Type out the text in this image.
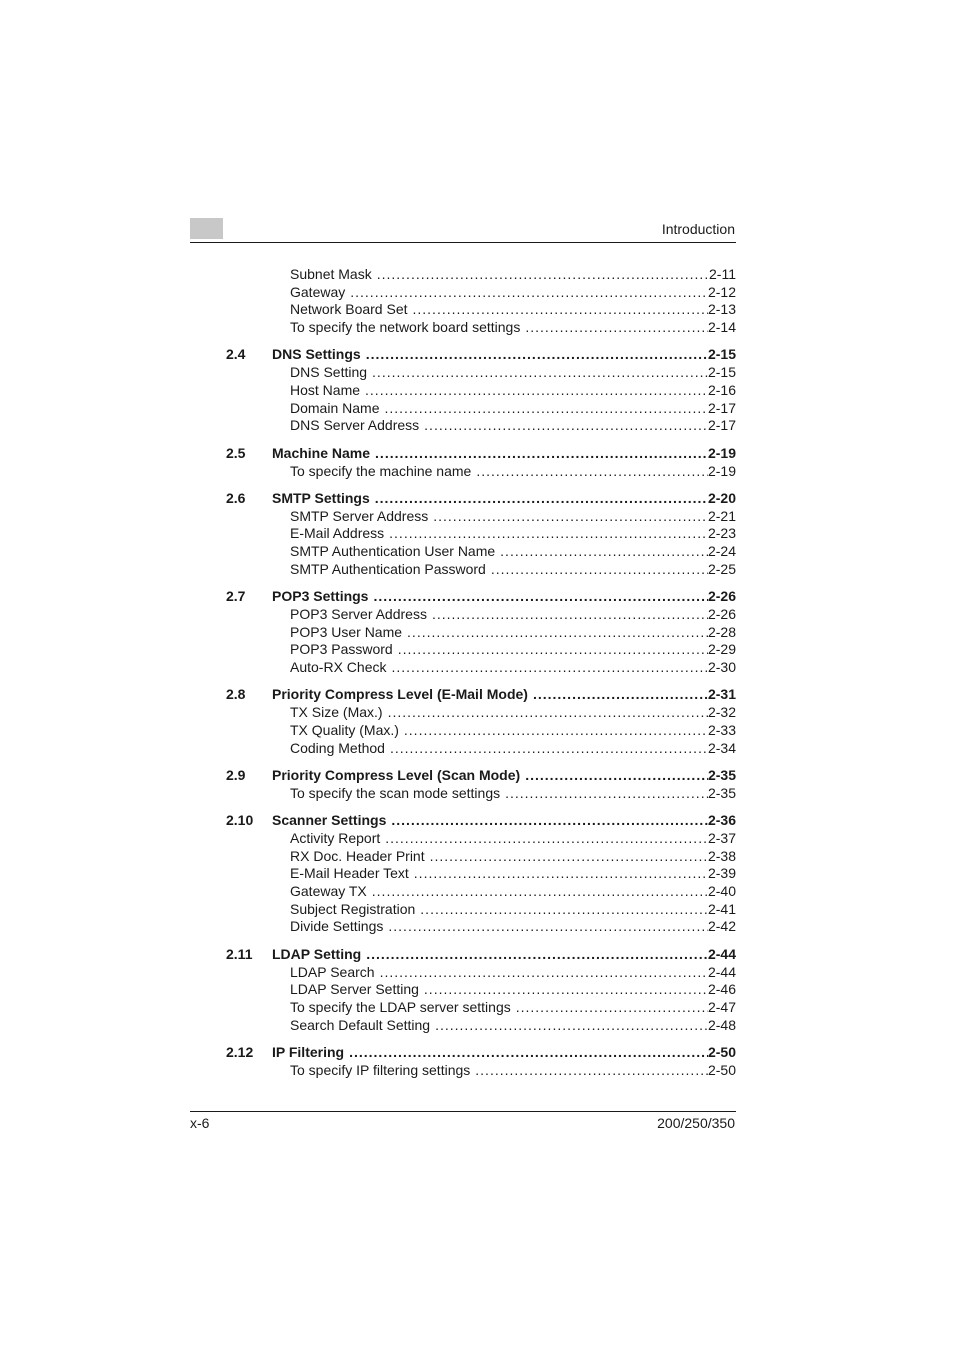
Introduction
Subnet Mask .....	2-11
Gateway .....	2-12
Network Board Set .....	2-13
To specify the network board settings .....	2-14
2.4 DNS Settings .....	2-15
DNS Setting .....	2-15
Host Name .....	2-16
Domain Name .....	2-17
DNS Server Address .....	2-17
2.5 Machine Name .....	2-19
To specify the machine name .....	2-19
2.6 SMTP Settings .....	2-20
SMTP Server Address .....	2-21
E-Mail Address .....	2-23
SMTP Authentication User Name .....	2-24
SMTP Authentication Password .....	2-25
2.7 POP3 Settings .....	2-26
POP3 Server Address .....	2-26
POP3 User Name .....	2-28
POP3 Password .....	2-29
Auto-RX Check .....	2-30
2.8 Priority Compress Level (E-Mail Mode) .....	2-31
TX Size (Max.) .....	2-32
TX Quality (Max.) .....	2-33
Coding Method .....	2-34
2.9 Priority Compress Level (Scan Mode) .....	2-35
To specify the scan mode settings .....	2-35
2.10 Scanner Settings .....	2-36
Activity Report .....	2-37
RX Doc. Header Print .....	2-38
E-Mail Header Text .....	2-39
Gateway TX .....	2-40
Subject Registration .....	2-41
Divide Settings .....	2-42
2.11 LDAP Setting .....	2-44
LDAP Search .....	2-44
LDAP Server Setting .....	2-46
To specify the LDAP server settings .....	2-47
Search Default Setting .....	2-48
2.12 IP Filtering .....	2-50
To specify IP filtering settings .....	2-50
x-6	200/250/350
